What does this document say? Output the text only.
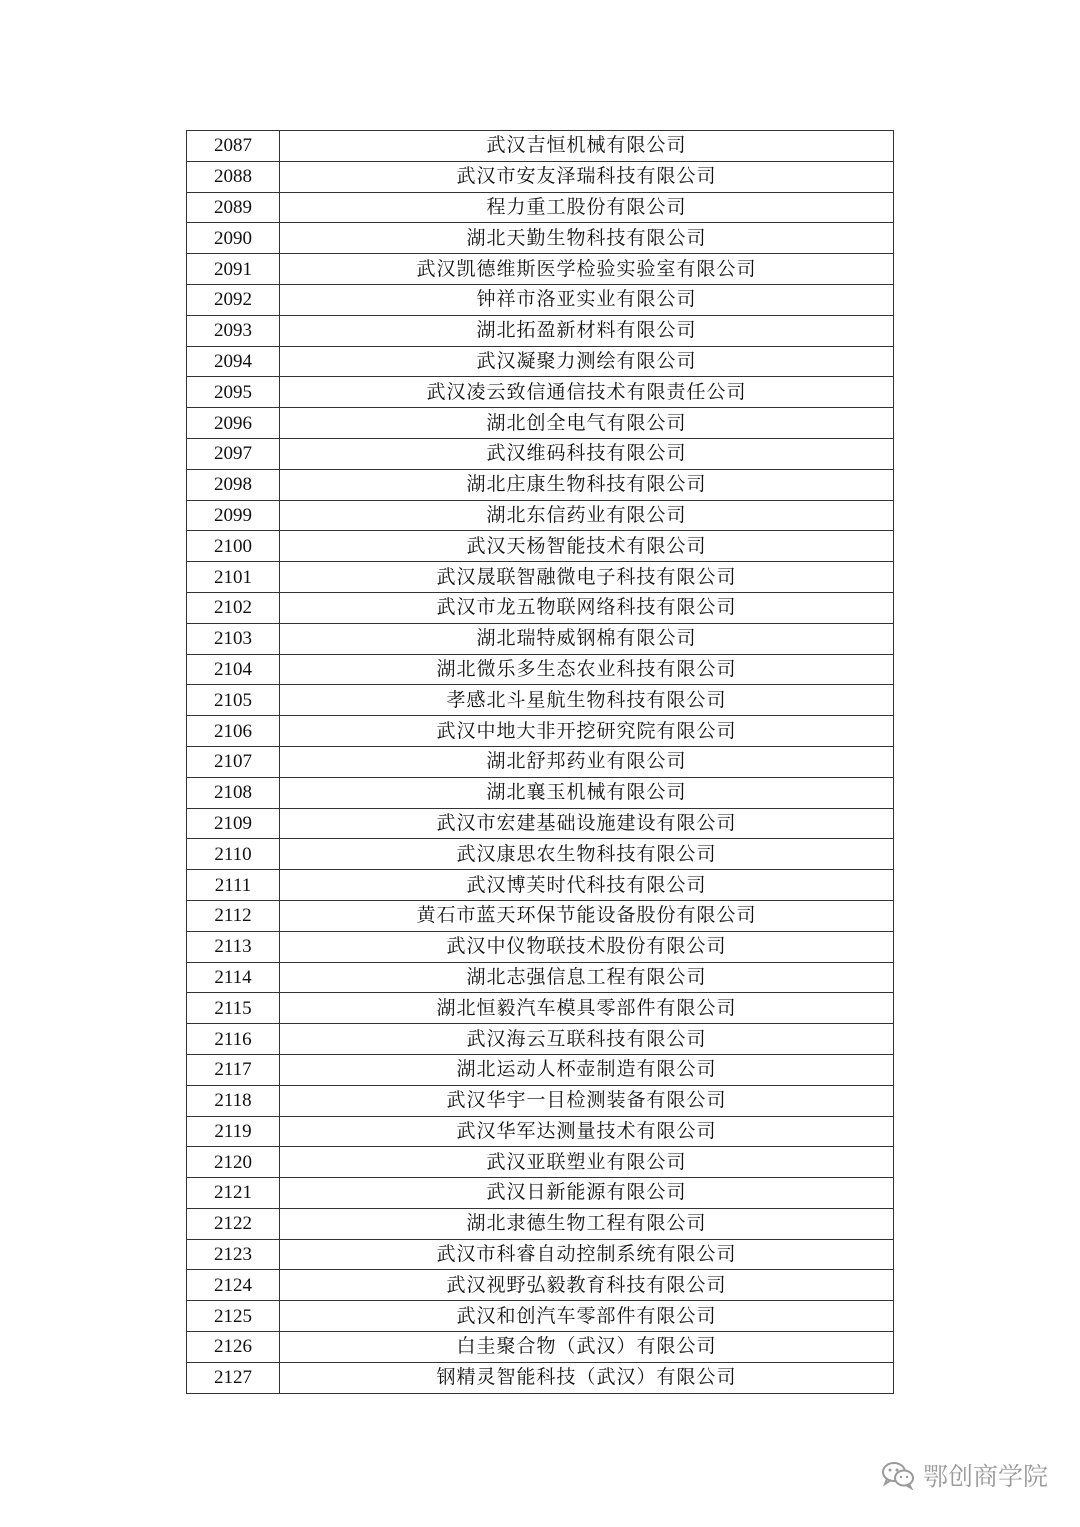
2087	武汉吉恒机械有限公司
2088	武汉市安友泽瑞科技有限公司
2089	程力重工股份有限公司
2090	湖北天勤生物科技有限公司
2091	武汉凯德维斯医学检验实验室有限公司
2092	钟祥市洛亚实业有限公司
2093	湖北拓盈新材料有限公司
2094	武汉凝聚力测绘有限公司
2095	武汉凌云致信通信技术有限责任公司
2096	湖北创全电气有限公司
2097	武汉维码科技有限公司
2098	湖北庄康生物科技有限公司
2099	湖北东信药业有限公司
2100	武汉天杨智能技术有限公司
2101	武汉晟联智融微电子科技有限公司
2102	武汉市龙五物联网络科技有限公司
2103	湖北瑞特威钢棉有限公司
2104	湖北微乐多生态农业科技有限公司
2105	孝感北斗星航生物科技有限公司
2106	武汉中地大非开挖研究院有限公司
2107	湖北舒邦药业有限公司
2108	湖北襄玉机械有限公司
2109	武汉市宏建基础设施建设有限公司
2110	武汉康思农生物科技有限公司
2111	武汉博芙时代科技有限公司
2112	黄石市蓝天环保节能设备股份有限公司
2113	武汉中仪物联技术股份有限公司
2114	湖北志强信息工程有限公司
2115	湖北恒毅汽车模具零部件有限公司
2116	武汉海云互联科技有限公司
2117	湖北运动人杯壶制造有限公司
2118	武汉华宇一目检测装备有限公司
2119	武汉华军达测量技术有限公司
2120	武汉亚联塑业有限公司
2121	武汉日新能源有限公司
2122	湖北隶德生物工程有限公司
2123	武汉市科睿自动控制系统有限公司
2124	武汉视野弘毅教育科技有限公司
2125	武汉和创汽车零部件有限公司
2126	白圭聚合物（武汉）有限公司
2127	钢精灵智能科技（武汉）有限公司
鄂创商学院
